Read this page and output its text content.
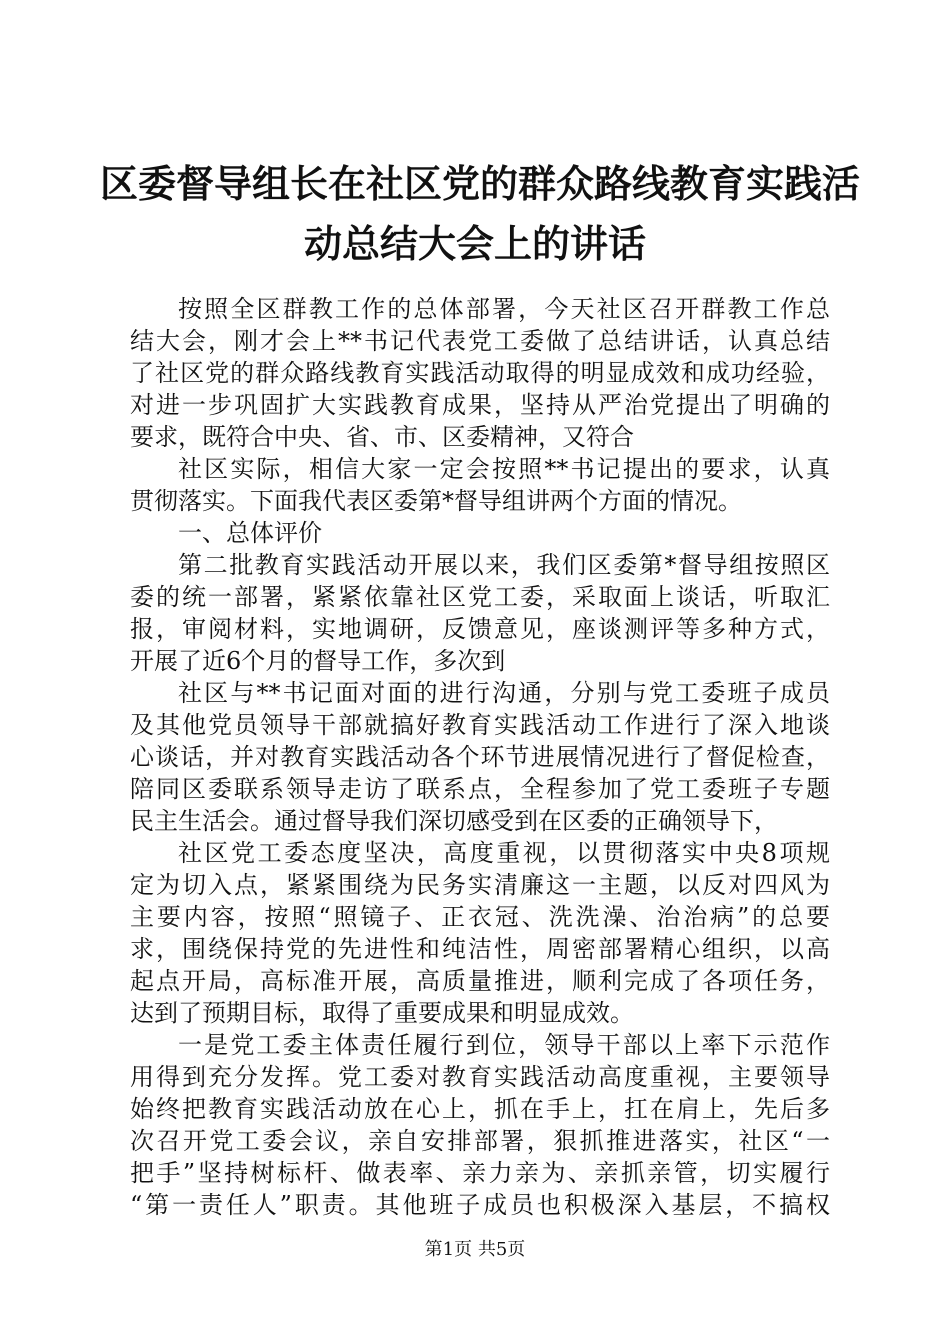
区委督导组长在社区党的群众路线教育实践活
动总结大会上的讲话
按照全区群教工作的总体部署，今天社区召开群教工作总
结大会，刚才会上**书记代表党工委做了总结讲话，认真总结
了社区党的群众路线教育实践活动取得的明显成效和成功经验，
对进一步巩固扩大实践教育成果，坚持从严治党提出了明确的
要求，既符合中央、省、市、区委精神，又符合
社区实际，相信大家一定会按照**书记提出的要求，认真
贯彻落实。下面我代表区委第*督导组讲两个方面的情况。
一、总体评价
第二批教育实践活动开展以来，我们区委第*督导组按照区
委的统一部署，紧紧依靠社区党工委，采取面上谈话，听取汇
报，审阅材料，实地调研，反馈意见，座谈测评等多种方式，
开展了近6个月的督导工作，多次到
社区与**书记面对面的进行沟通，分别与党工委班子成员
及其他党员领导干部就搞好教育实践活动工作进行了深入地谈
心谈话，并对教育实践活动各个环节进展情况进行了督促检查，
陪同区委联系领导走访了联系点，全程参加了党工委班子专题
民主生活会。通过督导我们深切感受到在区委的正确领导下，
社区党工委态度坚决，高度重视，以贯彻落实中央8项规
定为切入点，紧紧围绕为民务实清廉这一主题，以反对四风为
主要内容，按照“照镜子、正衣冠、洗洗澡、治治病”的总要
求，围绕保持党的先进性和纯洁性，周密部署精心组织，以高
起点开局，高标准开展，高质量推进，顺利完成了各项任务，
达到了预期目标，取得了重要成果和明显成效。
一是党工委主体责任履行到位，领导干部以上率下示范作
用得到充分发挥。党工委对教育实践活动高度重视，主要领导
始终把教育实践活动放在心上，抓在手上，扛在肩上，先后多
次召开党工委会议，亲自安排部署，狠抓推进落实，社区“一
把手”坚持树标杆、做表率、亲力亲为、亲抓亲管，切实履行
“第一责任人”职责。其他班子成员也积极深入基层，不搞权
第1页 共5页
